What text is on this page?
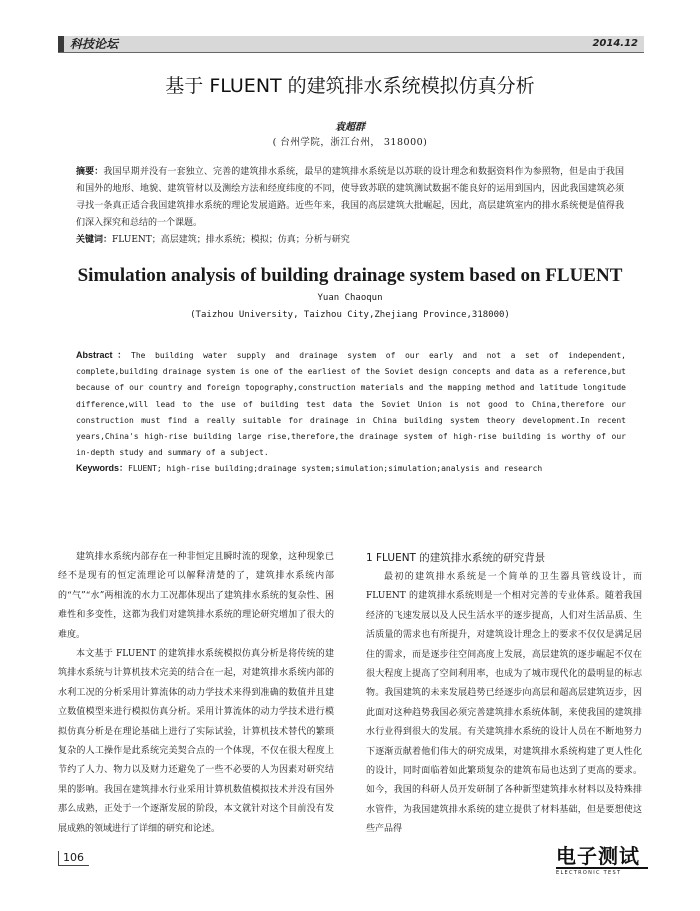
科技论坛	2014.12
基于 FLUENT 的建筑排水系统模拟仿真分析
袁超群
( 台州学院，浙江台州， 318000)
摘要：我国早期并没有一套独立、完善的建筑排水系统，最早的建筑排水系统是以苏联的设计理念和数据资料作为参照物，但是由于我国和国外的地形、地貌、建筑管材以及测绘方法和经度纬度的不同，使导致苏联的建筑测试数据不能良好的运用到国内，因此我国建筑必须寻找一条真正适合我国建筑排水系统的理论发展道路。近些年来，我国的高层建筑大批崛起，因此，高层建筑室内的排水系统便是值得我们深入探究和总结的一个课题。
关键词：FLUENT；高层建筑；排水系统；模拟；仿真；分析与研究
Simulation analysis of building drainage system based on FLUENT
Yuan Chaoqun
(Taizhou University, Taizhou City,Zhejiang Province,318000)
Abstract：The building water supply and drainage system of our early and not a set of independent, complete,building drainage system is one of the earliest of the Soviet design concepts and data as a reference,but because of our country and foreign topography,construction materials and the mapping method and latitude longitude difference,will lead to the use of building test data the Soviet Union is not good to China,therefore our construction must find a really suitable for drainage in China building system theory development.In recent years,China's high-rise building large rise,therefore,the drainage system of high-rise building is worthy of our in-depth study and summary of a subject.
Keywords：FLUENT; high-rise building;drainage system;simulation;simulation;analysis and research

建筑排水系统内部存在一种非恒定且瞬时流的现象，这种现象已经不是现有的恒定流理论可以解释清楚的了，建筑排水系统内部的“气”“水”两相流的水力工况都体现出了建筑排水系统的复杂性、困难性和多变性，这都为我们对建筑排水系统的理论研究增加了很大的难度。

本文基于 FLUENT 的建筑排水系统模拟仿真分析是将传统的建筑排水系统与计算机技术完美的结合在一起，对建筑排水系统内部的水利工况的分析采用计算流体的动力学技术来得到准确的数值并且建立数值模型来进行模拟仿真分析。采用计算流体的动力学技术进行模拟仿真分析是在理论基础上进行了实际试验，计算机技术替代的繁琐复杂的人工操作是此系统完美契合点的一个体现，不仅在很大程度上节约了人力、物力以及财力还避免了一些不必要的人为因素对研究结果的影响。我国在建筑排水行业采用计算机数值模拟技术并没有国外那么成熟，正处于一个逐渐发展的阶段，本文就针对这个目前没有发展成熟的领域进行了详细的研究和论述。

1 FLUENT 的建筑排水系统的研究背景

最初的建筑排水系统是一个简单的卫生器具管线设计，而 FLUENT 的建筑排水系统则是一个相对完善的专业体系。随着我国经济的飞速发展以及人民生活水平的逐步提高，人们对生活品质、生活质量的需求也有所提升，对建筑设计理念上的要求不仅仅是满足居住的需求，而是逐步往空间高度上发展，高层建筑的逐步崛起不仅在很大程度上提高了空间利用率，也成为了城市现代化的最明显的标志物。我国建筑的未来发展趋势已经逐步向高层和超高层建筑迈步，因此面对这种趋势我国必须完善建筑排水系统体制，来使我国的建筑排水行业得到很大的发展。有关建筑排水系统的设计人员在不断地努力下逐渐贡献着他们伟大的研究成果，对建筑排水系统构建了更人性化的设计，同时面临着如此繁琐复杂的建筑布局也达到了更高的要求。如今，我国的科研人员开发研制了各种新型建筑排水材料以及特殊排水管件，为我国建筑排水系统的建立提供了材料基础，但是要想使这些产品得

106	电子测试
ELECTRONIC TEST
